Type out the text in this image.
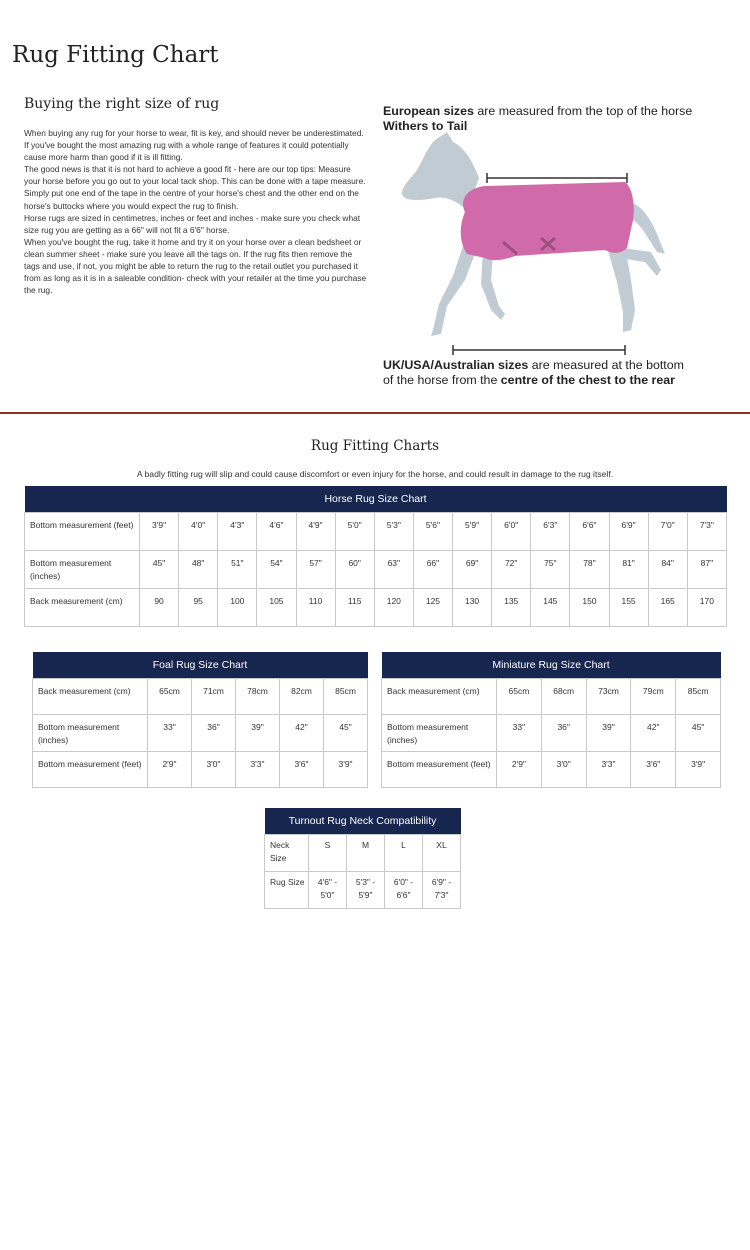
Rug Fitting Chart
Buying the right size of rug

When buying any rug for your horse to wear, fit is key, and should never be underestimated. If you've bought the most amazing rug with a whole range of features it could potentially cause more harm than good if it is ill fitting.

The good news is that it is not hard to achieve a good fit - here are our top tips: Measure your horse before you go out to your local tack shop. This can be done with a tape measure. Simply put one end of the tape in the centre of your horse's chest and the other end on the horse's buttocks where you would expect the rug to finish.

Horse rugs are sized in centimetres, inches or feet and inches - make sure you check what size rug you are getting as a 66" will not fit a 6'6" horse.

When you've bought the rug, take it home and try it on your horse over a clean bedsheet or clean summer sheet - make sure you leave all the tags on. If the rug fits then remove the tags and use, if not, you might be able to return the rug to the retail outlet you purchased it from as long as it is in a saleable condition- check with your retailer at the time you purchase the rug.

European sizes are measured from the top of the horse
Withers to Tail
UK/USA/Australian sizes are measured at the bottom
of the horse from the centre of the chest to the rear
Rug Fitting Charts
A badly fitting rug will slip and could cause discomfort or even injury for the horse, and could result in damage to the rug itself.
Horse Rug Size Chart															
Bottom measurement (feet)	3'9"	4'0"	4'3"	4'6"	4'9"	5'0"	5'3"	5'6"	5'9"	6'0"	6'3"	6'6"	6'9"	7'0"	7'3"
Bottom measurement (inches)	45"	48"	51"	54"	57"	60"	63"	66"	69"	72"	75"	78"	81"	84"	87"
Back measurement (cm)	90	95	100	105	110	115	120	125	130	135	145	150	155	165	170
Foal Rug Size Chart					
Back measurement (cm)	65cm	71cm	78cm	82cm	85cm
Bottom measurement (inches)	33"	36"	39"	42"	45"
Bottom measurement (feet)	2'9"	3'0"	3'3"	3'6"	3'9"
Miniature Rug Size Chart					
Back measurement (cm)	65cm	68cm	73cm	79cm	85cm
Bottom measurement (inches)	33"	36"	39"	42"	45"
Bottom measurement (feet)	2'9"	3'0"	3'3"	3'6"	3'9"
Turnout Rug Neck Compatibility				
Neck Size	S	M	L	XL
Rug Size	4'6" - 5'0"	5'3" - 5'9"	6'0" - 6'6"	6'9" - 7'3"
